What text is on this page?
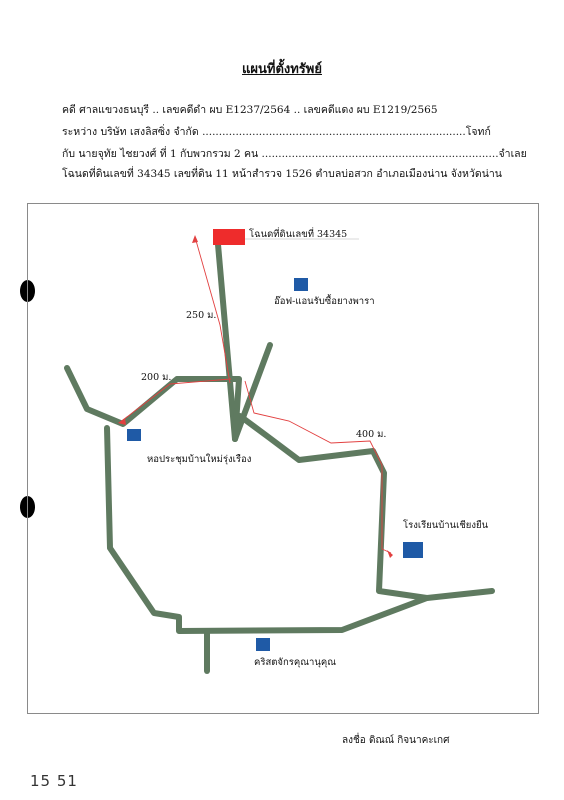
แผนที่ตั้งทรัพย์
คดี ศาลแขวงธนบุรี .. เลขคดีดำ ผบ E1237/2564 .. เลขคดีแดง ผบ E1219/2565
ระหว่าง บริษัท เสงลิสซิ่ง จำกัด ...............................................................................โจทก์
กับ นายจุทัย ไชยวงศ์ ที่ 1 กับพวกรวม 2 คน .......................................................................จำเลย
โฉนดที่ดินเลขที่ 34345 เลขที่ดิน 11 หน้าสำรวจ 1526 ตำบลบ่อสวก อำเภอเมืองน่าน จังหวัดน่าน
โฉนดที่ดินเลขที่ 34345
อ๊อฟ-แอนรับซื้อยางพารา
250 ม.
200 ม.
400 ม.
หอประชุมบ้านใหม่รุ่งเรือง
โรงเรียนบ้านเชียงยืน
คริสตจักรคุณานุคุณ
ลงชื่อ ดิณณ์ กิจนาคะเกศ
15 51
